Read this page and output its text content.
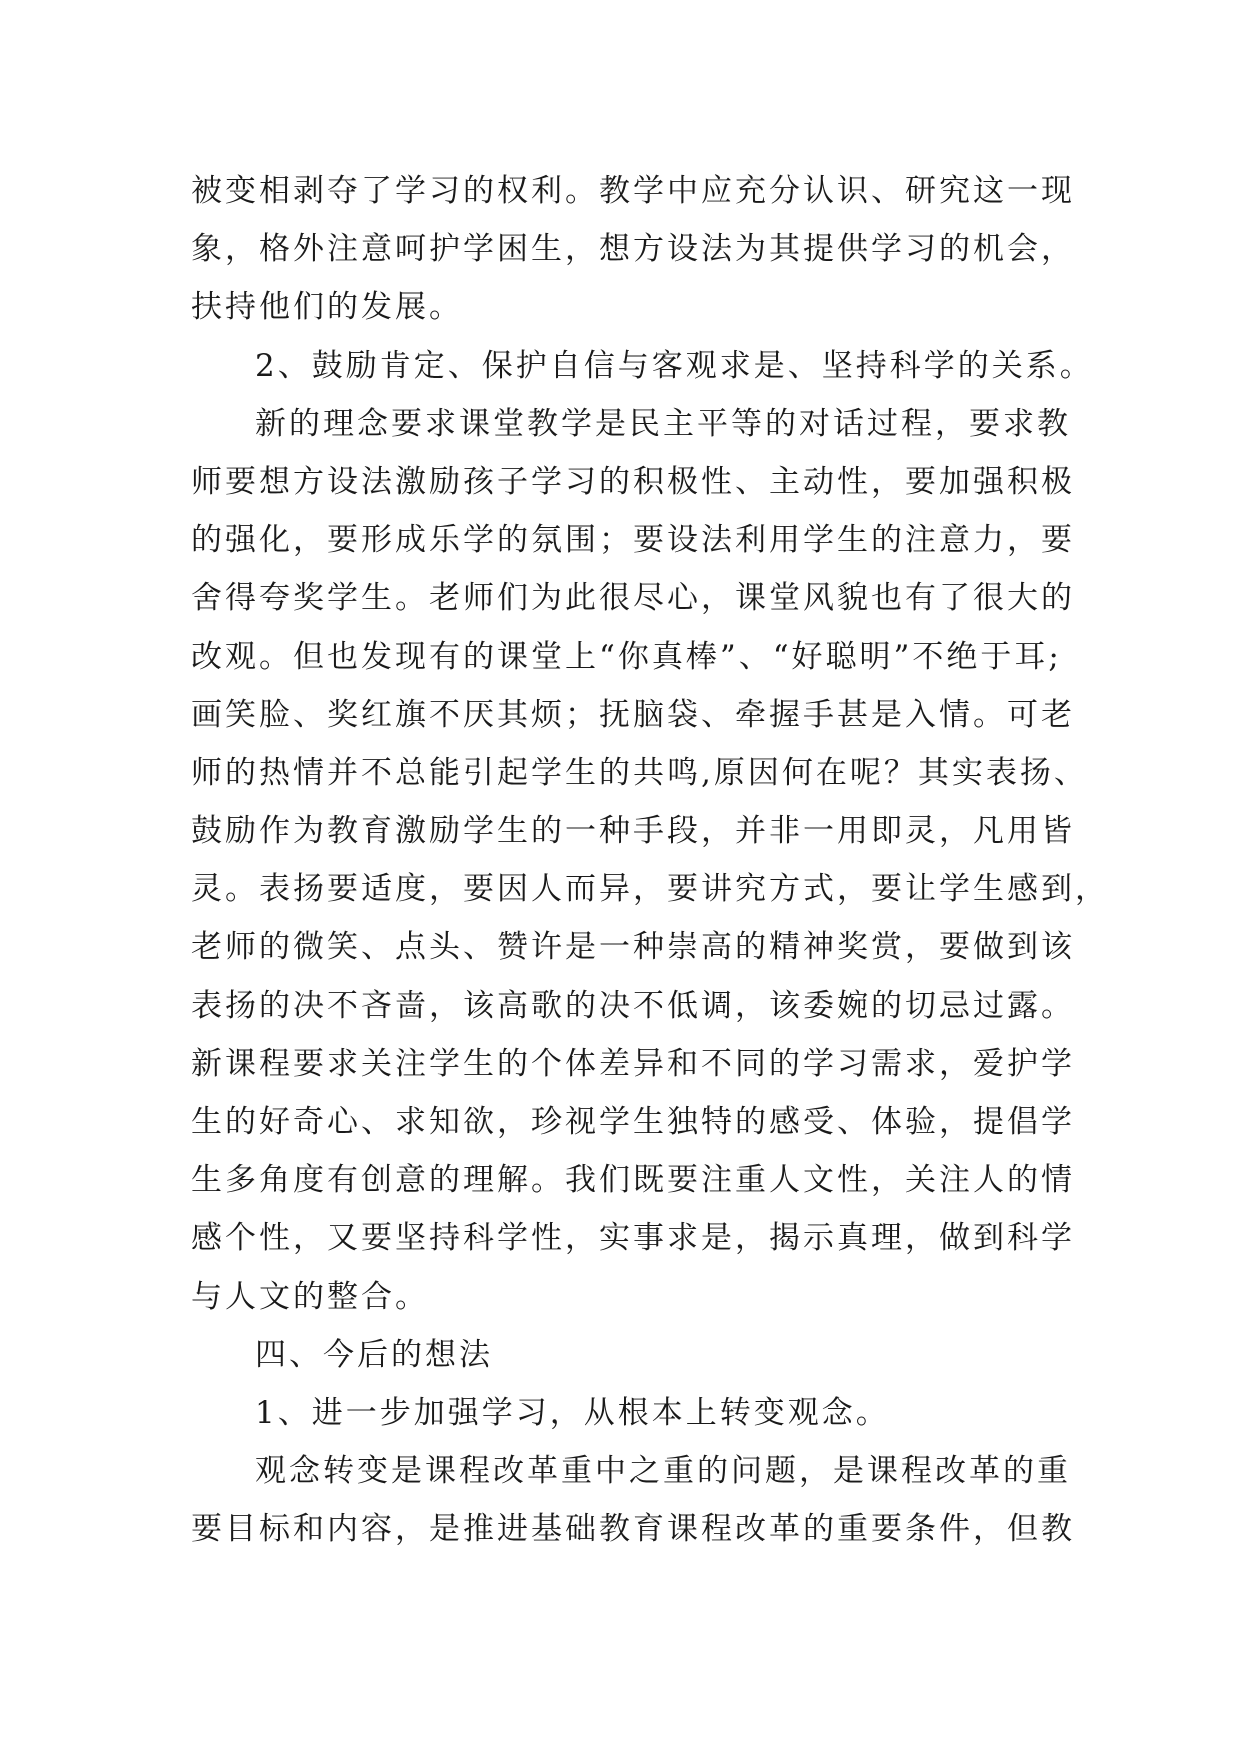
被变相剥夺了学习的权利。教学中应充分认识、研究这一现
象，格外注意呵护学困生，想方设法为其提供学习的机会，
扶持他们的发展。
2、鼓励肯定、保护自信与客观求是、坚持科学的关系。
新的理念要求课堂教学是民主平等的对话过程，要求教
师要想方设法激励孩子学习的积极性、主动性，要加强积极
的强化，要形成乐学的氛围；要设法利用学生的注意力，要
舍得夸奖学生。老师们为此很尽心，课堂风貌也有了很大的
改观。但也发现有的课堂上“你真棒”、“好聪明”不绝于耳;
画笑脸、奖红旗不厌其烦；抚脑袋、牵握手甚是入情。可老
师的热情并不总能引起学生的共鸣,原因何在呢？其实表扬、
鼓励作为教育激励学生的一种手段，并非一用即灵，凡用皆
灵。表扬要适度，要因人而异，要讲究方式，要让学生感到，
老师的微笑、点头、赞许是一种崇高的精神奖赏，要做到该
表扬的决不吝啬，该高歌的决不低调，该委婉的切忌过露。
新课程要求关注学生的个体差异和不同的学习需求，爱护学
生的好奇心、求知欲，珍视学生独特的感受、体验，提倡学
生多角度有创意的理解。我们既要注重人文性，关注人的情
感个性，又要坚持科学性，实事求是，揭示真理，做到科学
与人文的整合。
四、今后的想法
1、进一步加强学习，从根本上转变观念。
观念转变是课程改革重中之重的问题，是课程改革的重
要目标和内容，是推进基础教育课程改革的重要条件，但教
